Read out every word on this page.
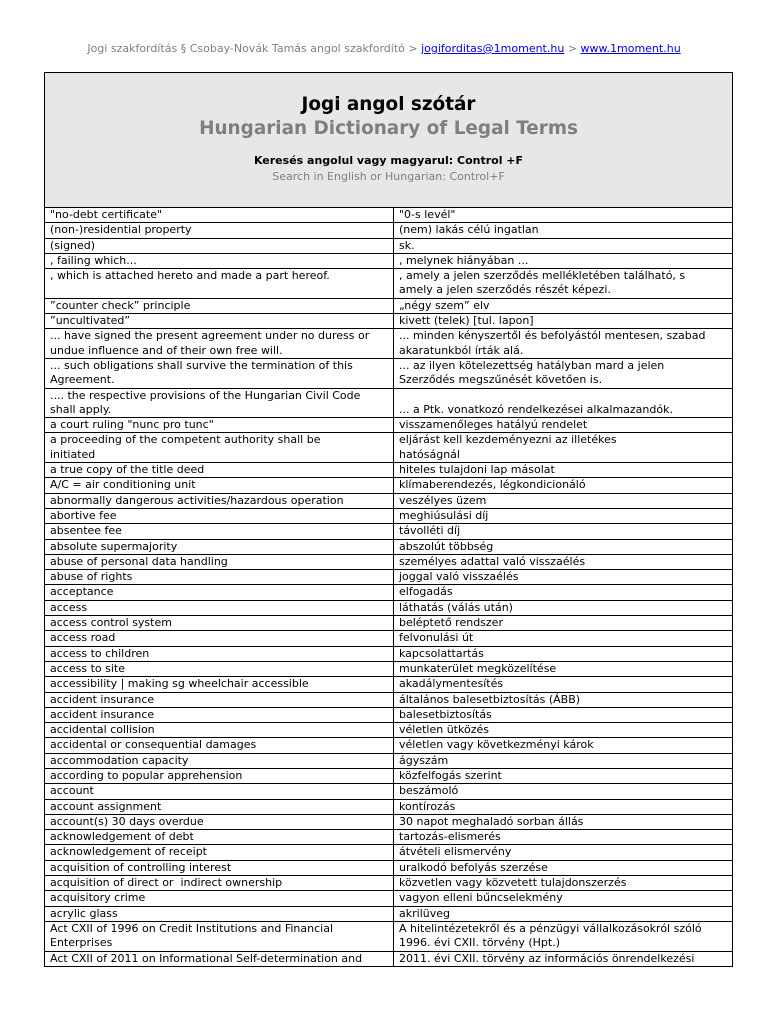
Jogi szakfordítás § Csobay-Novák Tamás angol szakfordító > jogiforditas@1moment.hu > www.1moment.hu
Jogi angol szótár
Hungarian Dictionary of Legal Terms
Keresés angolul vagy magyarul: Control +F
Search in English or Hungarian: Control+F	

"no-debt certificate"	"0-s levél"
(non-)residential property	(nem) lakás célú ingatlan
(signed)	sk.
, failing which...	, melynek hiányában ...
, which is attached hereto and made a part hereof.	, amely a jelen szerződés mellékletében található, s
amely a jelen szerződés részét képezi.
”counter check” principle	„négy szem” elv
”uncultivated”	kivett (telek) [tul. lapon]
... have signed the present agreement under no duress or
undue influence and of their own free will.	... minden kényszertől és befolyástól mentesen, szabad
akaratunkból írták alá.
... such obligations shall survive the termination of this
Agreement.	... az ilyen kötelezettség hatályban mard a jelen
Szerződés megszűnését követően is.
.... the respective provisions of the Hungarian Civil Code
shall apply.	... a Ptk. vonatkozó rendelkezései alkalmazandók.
a court ruling "nunc pro tunc"	visszamenőleges hatályú rendelet
a proceeding of the competent authority shall be
initiated	eljárást kell kezdeményezni az illetékes
hatóságnál
a true copy of the title deed	hiteles tulajdoni lap másolat
A/C = air conditioning unit	klímaberendezés, légkondicionáló
abnormally dangerous activities/hazardous operation	veszélyes üzem
abortive fee	meghiúsulási díj
absentee fee	távolléti díj
absolute supermajority	abszolút többség
abuse of personal data handling	személyes adattal való visszaélés
abuse of rights	joggal való visszaélés
acceptance	elfogadás
access	láthatás (válás után)
access control system	beléptető rendszer
access road	felvonulási út
access to children	kapcsolattartás
access to site	munkaterület megközelítése
accessibility | making sg wheelchair accessible	akadálymentesítés
accident insurance	általános balesetbiztosítás (ÁBB)
accident insurance	balesetbiztosítás
accidental collision	véletlen ütközés
accidental or consequential damages	véletlen vagy következményi károk
accommodation capacity	ágyszám
according to popular apprehension	közfelfogás szerint
account	beszámoló
account assignment	kontírozás
account(s) 30 days overdue	30 napot meghaladó sorban állás
acknowledgement of debt	tartozás-elismerés
acknowledgement of receipt	átvételi elismervény
acquisition of controlling interest	uralkodó befolyás szerzése
acquisition of direct or  indirect ownership	közvetlen vagy közvetett tulajdonszerzés
acquisitory crime	vagyon elleni bűncselekmény
acrylic glass	akrilüveg
Act CXII of 1996 on Credit Institutions and Financial
Enterprises	A hitelintézetekről és a pénzügyi vállalkozásokról szóló
1996. évi CXII. törvény (Hpt.)
Act CXII of 2011 on Informational Self-determination and	2011. évi CXII. törvény az információs önrendelkezési
